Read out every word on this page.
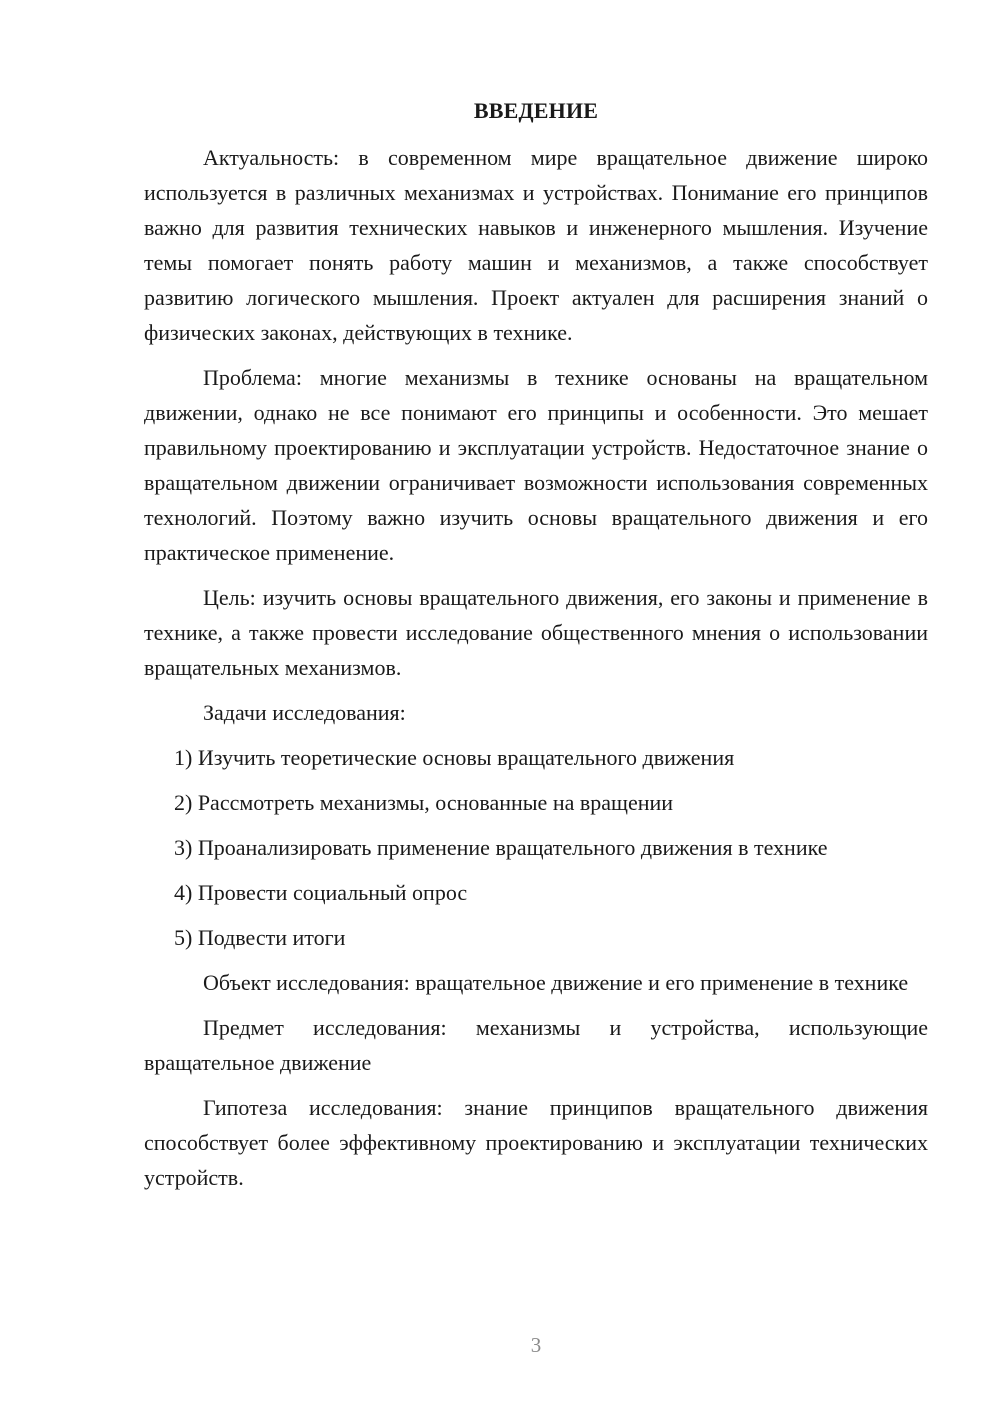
ВВЕДЕНИЕ

Актуальность: в современном мире вращательное движение широко используется в различных механизмах и устройствах. Понимание его принципов важно для развития технических навыков и инженерного мышления. Изучение темы помогает понять работу машин и механизмов, а также способствует развитию логического мышления. Проект актуален для расширения знаний о физических законах, действующих в технике.

Проблема: многие механизмы в технике основаны на вращательном движении, однако не все понимают его принципы и особенности. Это мешает правильному проектированию и эксплуатации устройств. Недостаточное знание о вращательном движении ограничивает возможности использования современных технологий. Поэтому важно изучить основы вращательного движения и его практическое применение.

Цель: изучить основы вращательного движения, его законы и применение в технике, а также провести исследование общественного мнения о использовании вращательных механизмов.

Задачи исследования:

1) Изучить теоретические основы вращательного движения
2) Рассмотреть механизмы, основанные на вращении
3) Проанализировать применение вращательного движения в технике
4) Провести социальный опрос
5) Подвести итоги

Объект исследования: вращательное движение и его применение в технике

Предмет исследования: механизмы и устройства, использующие вращательное движение

Гипотеза исследования: знание принципов вращательного движения способствует более эффективному проектированию и эксплуатации технических устройств.

3
